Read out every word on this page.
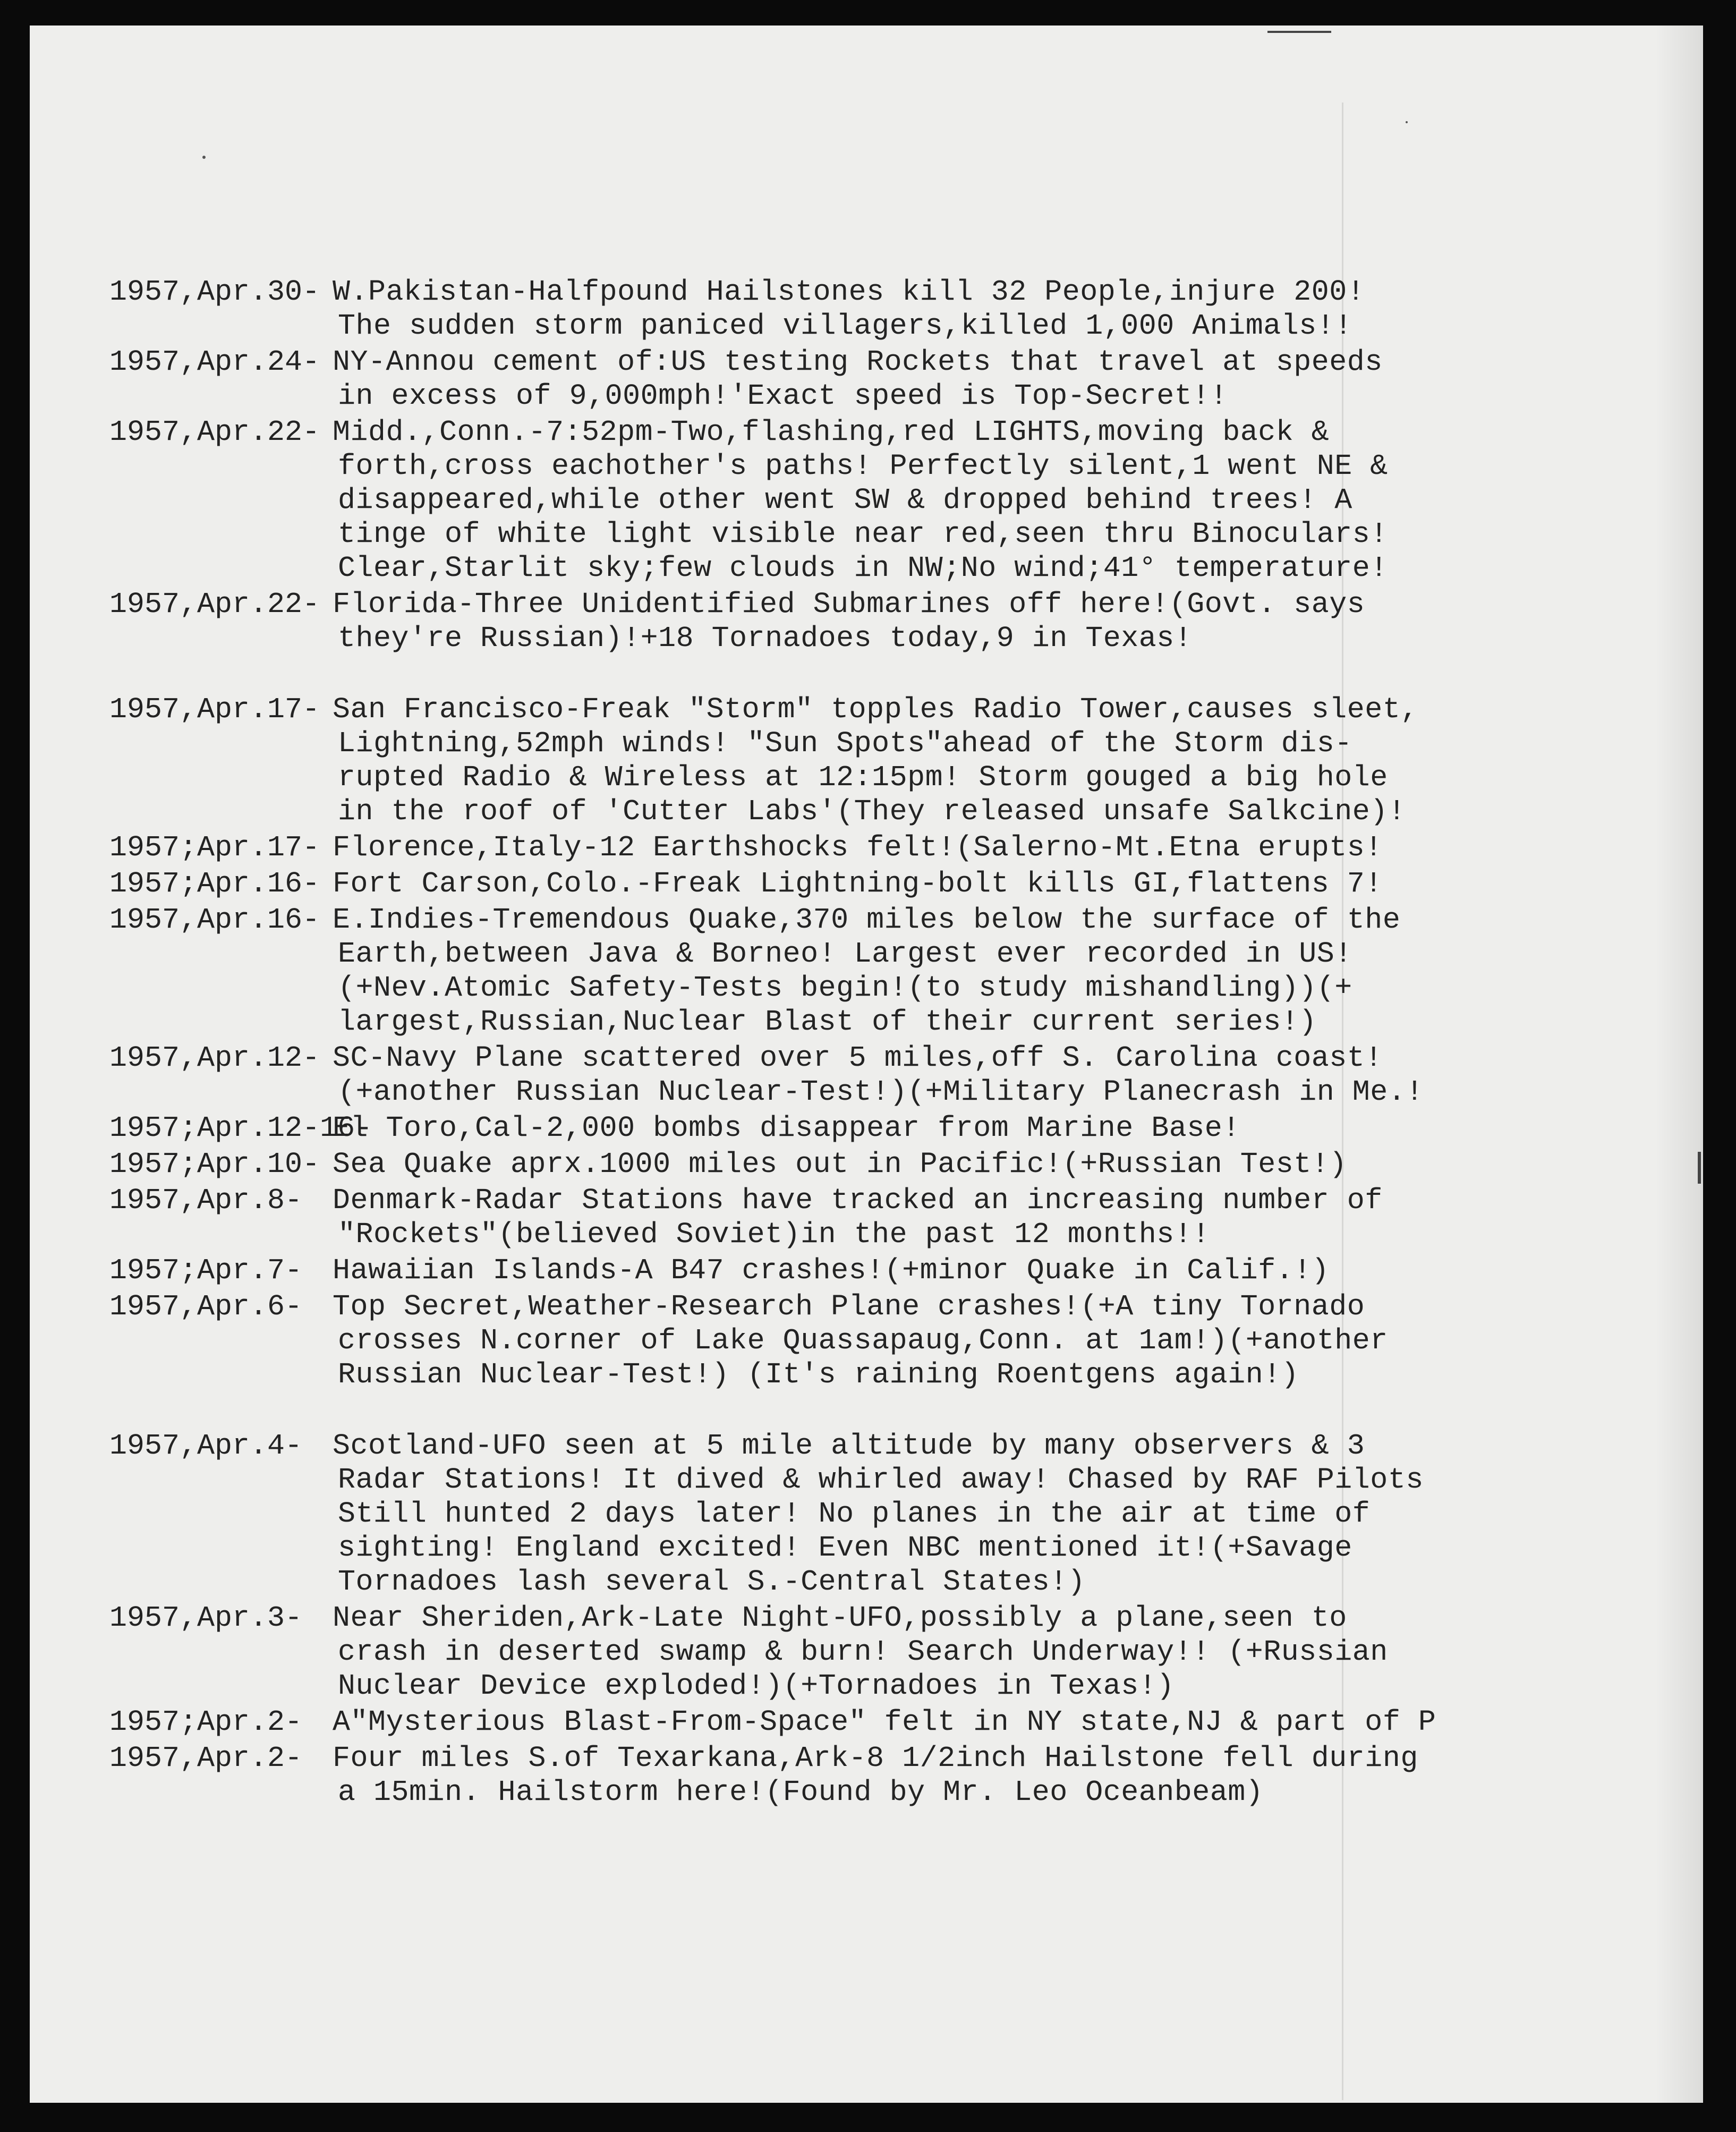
1957,Apr.30- W.Pakistan-Halfpound Hailstones kill 32 People,injure 200!
The sudden storm paniced villagers,killed 1,000 Animals!!
1957,Apr.24- NY-Annou cement of:US testing Rockets that travel at speeds
in excess of 9,000mph!'Exact speed is Top-Secret!!
1957,Apr.22- Midd.,Conn.-7:52pm-Two,flashing,red LIGHTS,moving back &
forth,cross eachother's paths! Perfectly silent,1 went NE &
disappeared,while other went SW & dropped behind trees! A
tinge of white light visible near red,seen thru Binoculars!
Clear,Starlit sky;few clouds in NW;No wind;41° temperature!
1957,Apr.22- Florida-Three Unidentified Submarines off here!(Govt. says
they're Russian)!+18 Tornadoes today,9 in Texas!
1957,Apr.17- San Francisco-Freak "Storm" topples Radio Tower,causes sleet,
Lightning,52mph winds! "Sun Spots"ahead of the Storm dis-
rupted Radio & Wireless at 12:15pm! Storm gouged a big hole
in the roof of 'Cutter Labs'(They released unsafe Salkcine)!
1957;Apr.17- Florence,Italy-12 Earthshocks felt!(Salerno-Mt.Etna erupts!
1957;Apr.16- Fort Carson,Colo.-Freak Lightning-bolt kills GI,flattens 7!
1957,Apr.16- E.Indies-Tremendous Quake,370 miles below the surface of the
Earth,between Java & Borneo! Largest ever recorded in US!
(+Nev.Atomic Safety-Tests begin!(to study mishandling))(+
largest,Russian,Nuclear Blast of their current series!)
1957,Apr.12- SC-Navy Plane scattered over 5 miles,off S. Carolina coast!
(+another Russian Nuclear-Test!)(+Military Planecrash in Me.!
1957;Apr.12-16-
El Toro,Cal-2,000 bombs disappear from Marine Base!
1957;Apr.10- Sea Quake aprx.1000 miles out in Pacific!(+Russian Test!)
1957,Apr.8- Denmark-Radar Stations have tracked an increasing number of
"Rockets"(believed Soviet)in the past 12 months!!
1957;Apr.7- Hawaiian Islands-A B47 crashes!(+minor Quake in Calif.!)
1957,Apr.6- Top Secret,Weather-Research Plane crashes!(+A tiny Tornado
crosses N.corner of Lake Quassapaug,Conn. at 1am!)(+another
Russian Nuclear-Test!) (It's raining Roentgens again!)
1957,Apr.4- Scotland-UFO seen at 5 mile altitude by many observers & 3
Radar Stations! It dived & whirled away! Chased by RAF Pilots
Still hunted 2 days later! No planes in the air at time of
sighting! England excited! Even NBC mentioned it!(+Savage
Tornadoes lash several S.-Central States!)
1957,Apr.3- Near Sheriden,Ark-Late Night-UFO,possibly a plane,seen to
crash in deserted swamp & burn! Search Underway!! (+Russian
Nuclear Device exploded!)(+Tornadoes in Texas!)
1957;Apr.2- A"Mysterious Blast-From-Space" felt in NY state,NJ & part of P
1957,Apr.2- Four miles S.of Texarkana,Ark-8 1/2inch Hailstone fell during
a 15min. Hailstorm here!(Found by Mr. Leo Oceanbeam)
